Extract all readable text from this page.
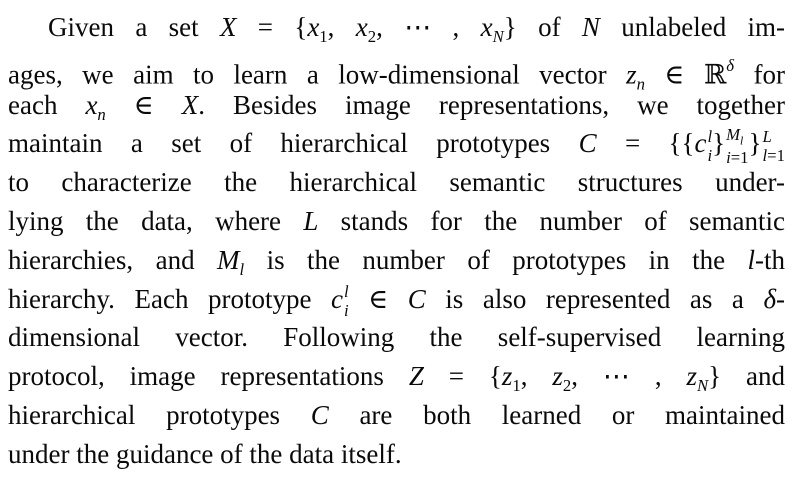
Given a set $X = \{x_1$, $x_2$, ⋯ , $x_N$} of N unlabeled im-
ages, we aim to learn a low-dimensional vector $z_n$ ∈ ℝ$^\delta$ for
each $x_n$ ∈ X. Besides image representations, we together
maintain a set of hierarchical prototypes C = {{c l
i } $M_l$
i=1 } L
l=1
to characterize the hierarchical semantic structures under-
lying the data, where L stands for the number of semantic
hierarchies, and $M_l$ is the number of prototypes in the l-th
hierarchy. Each prototype c l
i ∈ C is also represented as a δ-
dimensional vector. Following the self-supervised learning
protocol, image representations $Z = \{z_1$, $z_2$, ⋯ , $z_N$} and
hierarchical prototypes C are both learned or maintained
under the guidance of the data itself.
